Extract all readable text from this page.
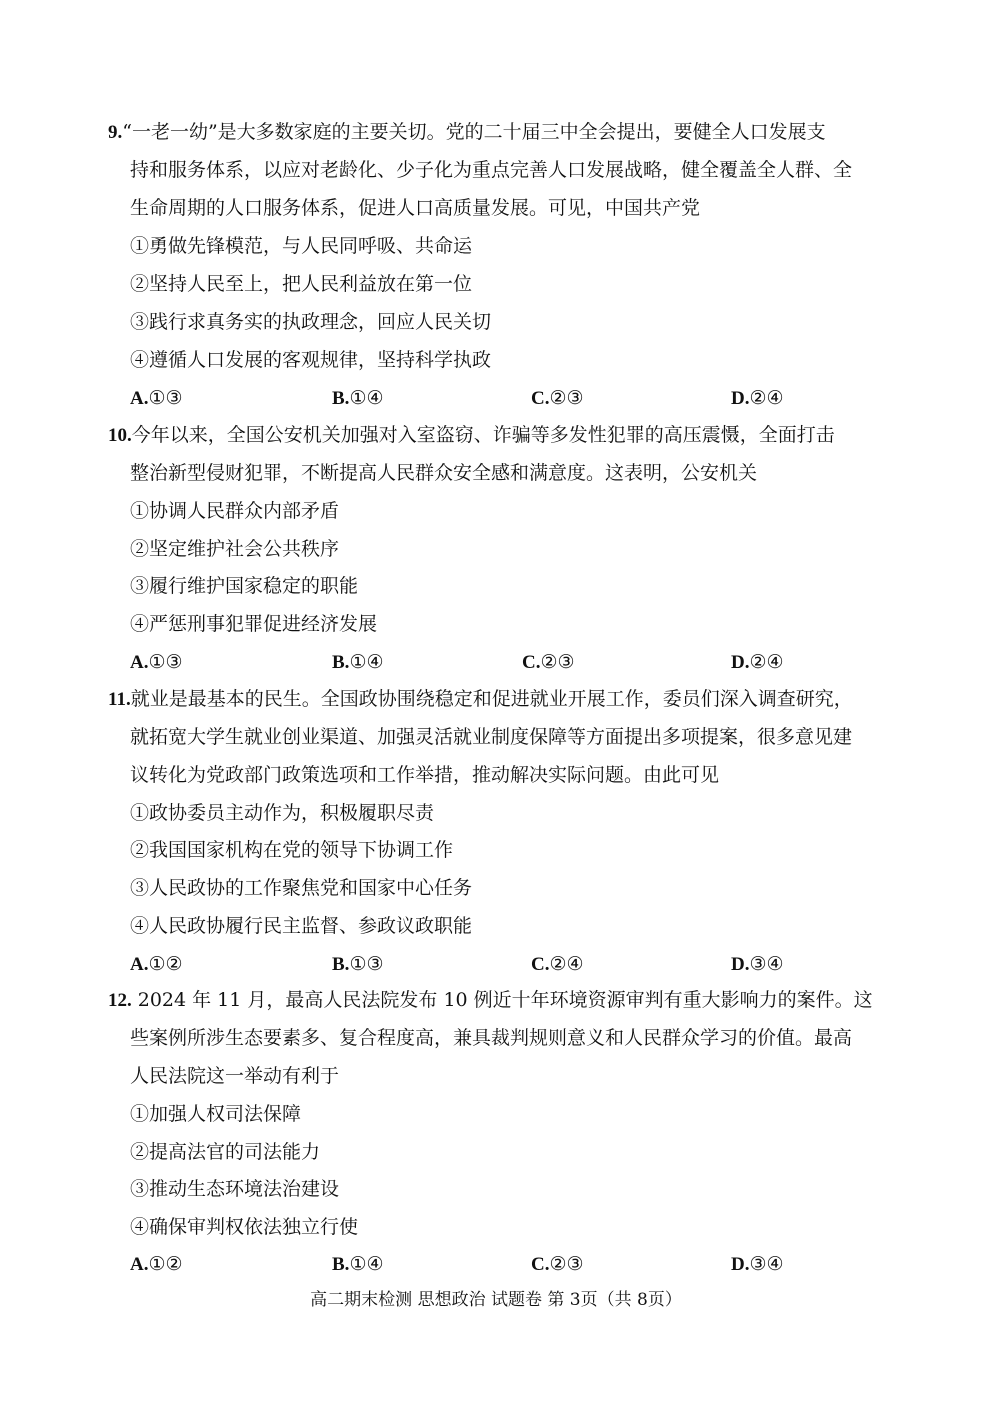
9.“一老一幼”是大多数家庭的主要关切。党的二十届三中全会提出，要健全人口发展支
持和服务体系，以应对老龄化、少子化为重点完善人口发展战略，健全覆盖全人群、全
生命周期的人口服务体系，促进人口高质量发展。可见，中国共产党
①勇做先锋模范，与人民同呼吸、共命运
②坚持人民至上，把人民利益放在第一位
③践行求真务实的执政理念，回应人民关切
④遵循人口发展的客观规律，坚持科学执政
A.①③	B.①④	C.②③	D.②④
10.今年以来，全国公安机关加强对入室盗窃、诈骗等多发性犯罪的高压震慑，全面打击
整治新型侵财犯罪，不断提高人民群众安全感和满意度。这表明，公安机关
①协调人民群众内部矛盾
②坚定维护社会公共秩序
③履行维护国家稳定的职能
④严惩刑事犯罪促进经济发展
A.①③	B.①④	C.②③	D.②④
11.就业是最基本的民生。全国政协围绕稳定和促进就业开展工作，委员们深入调查研究，
就拓宽大学生就业创业渠道、加强灵活就业制度保障等方面提出多项提案，很多意见建
议转化为党政部门政策选项和工作举措，推动解决实际问题。由此可见
①政协委员主动作为，积极履职尽责
②我国国家机构在党的领导下协调工作
③人民政协的工作聚焦党和国家中心任务
④人民政协履行民主监督、参政议政职能
A.①②	B.①③	C.②④	D.③④
12. 2024 年 11 月，最高人民法院发布 10 例近十年环境资源审判有重大影响力的案件。这
些案例所涉生态要素多、复合程度高，兼具裁判规则意义和人民群众学习的价值。最高
人民法院这一举动有利于
①加强人权司法保障
②提高法官的司法能力
③推动生态环境法治建设
④确保审判权依法独立行使
A.①②	B.①④	C.②③	D.③④
高二期末检测 思想政治 试题卷 第 3页（共 8页）
